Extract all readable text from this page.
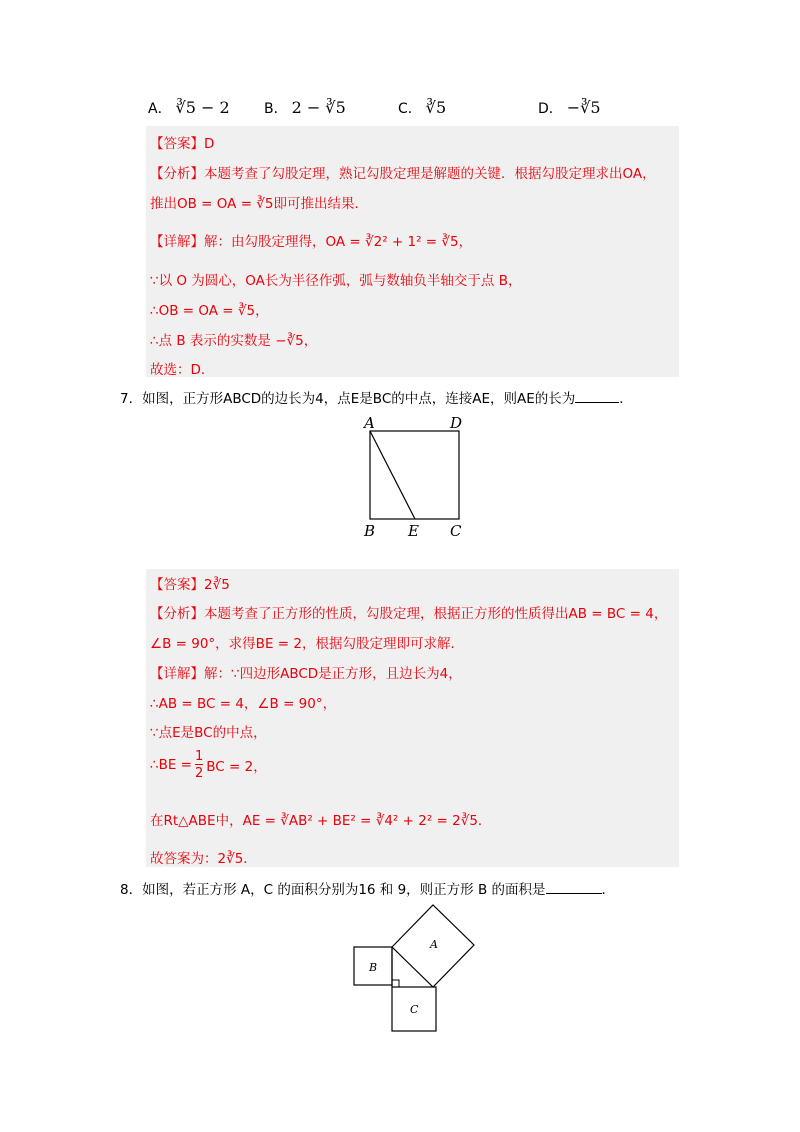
A． ∛5 − 2 B． 2 − ∛5	C． ∛5	D． −∛5
【答案】D
【分析】本题考查了勾股定理，熟记勾股定理是解题的关键．根据勾股定理求出OA，
推出OB = OA = ∛5即可推出结果．
【详解】解：由勾股定理得，OA = ∛2² + 1² = ∛5，
∵以 O 为圆心，OA长为半径作弧，弧与数轴负半轴交于点 B，
∴OB = OA = ∛5，
∴点 B 表示的实数是 −∛5，
故选：D．
7．如图，正方形ABCD的边长为4，点E是BC的中点，连接AE，则AE的长为	．
A	D
B E C
【答案】2∛5
【分析】本题考查了正方形的性质，勾股定理，根据正方形的性质得出AB = BC = 4，
∠B = 90°，求得BE = 2，根据勾股定理即可求解．
【详解】解：∵四边形ABCD是正方形，且边长为4，
∴AB = BC = 4，∠B = 90°，
∵点E是BC的中点，
∴BE = $\frac{1}{2}$ BC = 2，
在Rt△ABE中，AE = ∛AB² + BE² = ∛4² + 2² = 2∛5．
故答案为：2∛5．
8．如图，若正方形 A，C 的面积分别为16 和 9，则正方形 B 的面积是	．
A
B
C
